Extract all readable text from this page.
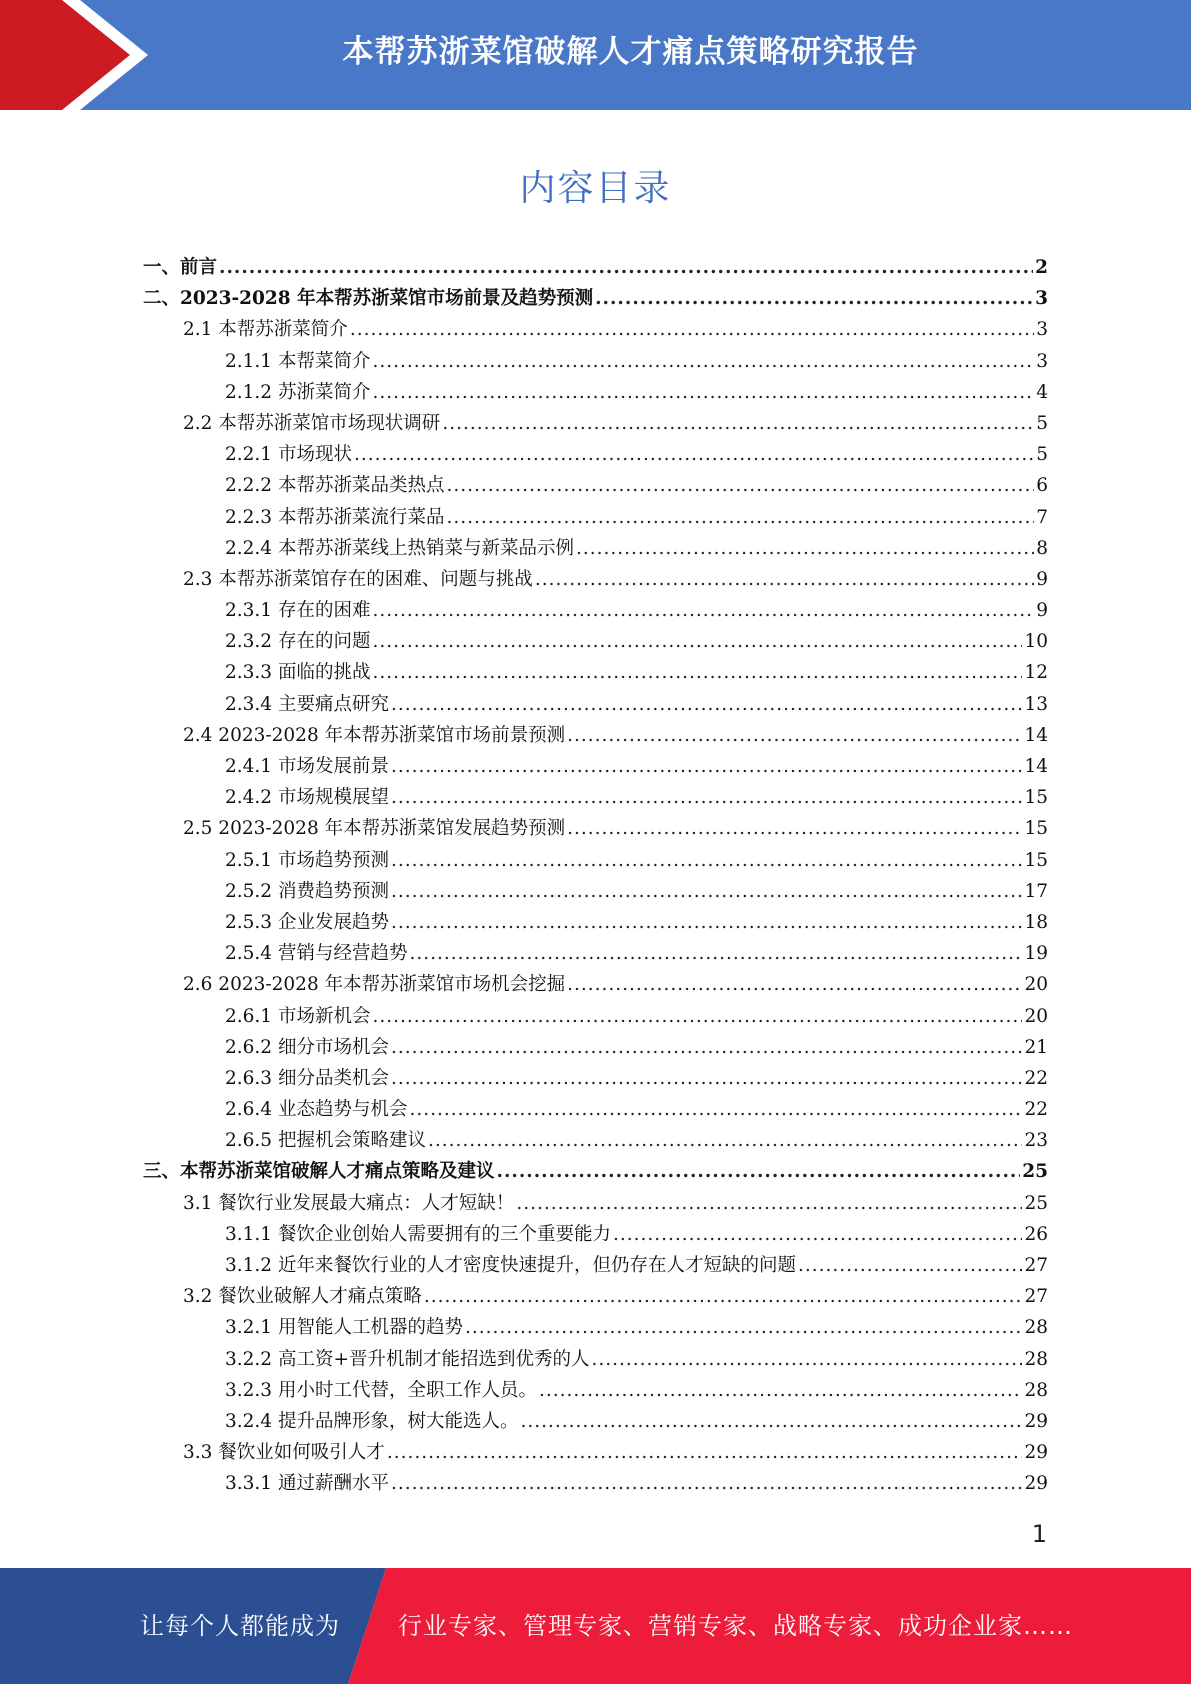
本帮苏浙菜馆破解人才痛点策略研究报告
内容目录
一、前言 .....	2
二、2023-2028 年本帮苏浙菜馆市场前景及趋势预测 .....	3
2.1 本帮苏浙菜简介 .....	3
2.1.1 本帮菜简介 .....	3
2.1.2 苏浙菜简介 .....	4
2.2 本帮苏浙菜馆市场现状调研 .....	5
2.2.1 市场现状 .....	5
2.2.2 本帮苏浙菜品类热点 .....	6
2.2.3 本帮苏浙菜流行菜品 .....	7
2.2.4 本帮苏浙菜线上热销菜与新菜品示例 .....	8
2.3 本帮苏浙菜馆存在的困难、问题与挑战 .....	9
2.3.1 存在的困难 .....	9
2.3.2 存在的问题 .....	10
2.3.3 面临的挑战 .....	12
2.3.4 主要痛点研究 .....	13
2.4 2023-2028 年本帮苏浙菜馆市场前景预测 .....	14
2.4.1 市场发展前景 .....	14
2.4.2 市场规模展望 .....	15
2.5 2023-2028 年本帮苏浙菜馆发展趋势预测 .....	15
2.5.1 市场趋势预测 .....	15
2.5.2 消费趋势预测 .....	17
2.5.3 企业发展趋势 .....	18
2.5.4 营销与经营趋势 .....	19
2.6 2023-2028 年本帮苏浙菜馆市场机会挖掘 .....	20
2.6.1 市场新机会 .....	20
2.6.2 细分市场机会 .....	21
2.6.3 细分品类机会 .....	22
2.6.4 业态趋势与机会 .....	22
2.6.5 把握机会策略建议 .....	23
三、本帮苏浙菜馆破解人才痛点策略及建议 .....	25
3.1 餐饮行业发展最大痛点：人才短缺！ .....	25
3.1.1 餐饮企业创始人需要拥有的三个重要能力 .....	26
3.1.2 近年来餐饮行业的人才密度快速提升，但仍存在人才短缺的问题 .....	27
3.2 餐饮业破解人才痛点策略 .....	27
3.2.1 用智能人工机器的趋势 .....	28
3.2.2 高工资+晋升机制才能招选到优秀的人 .....	28
3.2.3 用小时工代替，全职工作人员。 .....	28
3.2.4 提升品牌形象，树大能选人。 .....	29
3.3 餐饮业如何吸引人才 .....	29
3.3.1 通过薪酬水平 .....	29
1
让每个人都能成为 行业专家、管理专家、营销专家、战略专家、成功企业家……
